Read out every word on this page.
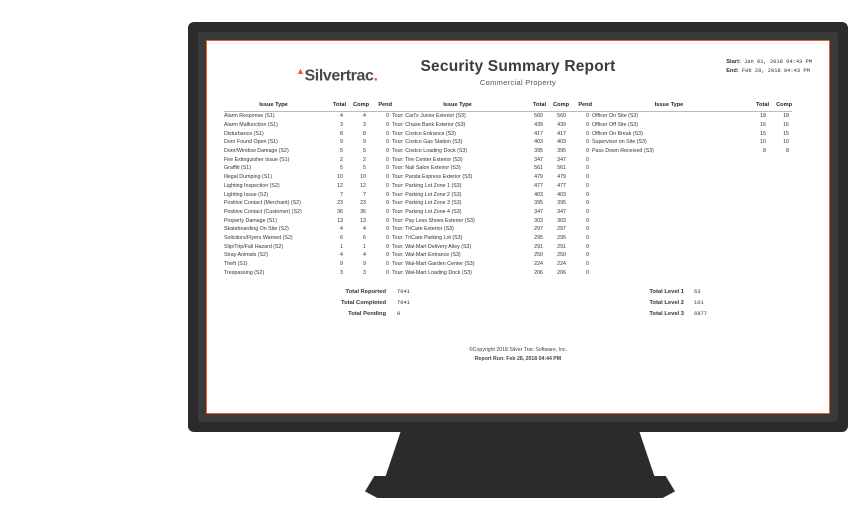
▲Silvertrac.
Security Summary Report
Commercial Property
Start: Jan 01, 2018 04:43 PM
End: Feb 28, 2018 04:43 PM
Issue Type	Total	Comp	Pend
Alarm Response (S1)	4	4	0
Alarm Malfunction (S1)	3	3	0
Disturbance (S1)	8	8	0
Door Found Open (S1)	9	9	0
Door/Window Damage (S2)	5	5	0
Fire Extinguisher Issue (S1)	2	2	0
Graffiti (S1)	5	5	0
Illegal Dumping (S1)	10	10	0
Lighting Inspection (S2)	12	12	0
Lighting Issue (S2)	7	7	0
Positive Contact (Merchant) (S2)	23	23	0
Positive Contact (Customer) (S2)	36	36	0
Property Damage (S1)	13	13	0
Skateboarding On Site (S2)	4	4	0
Solicitors/Flyers Warned (S2)	6	6	0
Slip/Trip/Fall Hazard (S2)	1	1	0
Stray Animals (S2)	4	4	0
Theft (S1)	9	9	0
Trespassing (S2)	3	3	0
Issue Type	Total	Comp	Pend
Tour: Carl's Junior Exterior (S3)	560	560	0
Tour: Chase Bank Exterior (S3)	439	439	0
Tour: Costco Entrance (S3)	417	417	0
Tour: Costco Gas Station (S3)	403	403	0
Tour: Costco Loading Dock (S3)	395	395	0
Tour: Tire Center Exterior (S3)	347	347	0
Tour: Nail Salon Exterior (S3)	561	561	0
Tour: Panda Express Exterior (S3)	479	479	0
Tour: Parking Lot Zone 1 (S3)	477	477	0
Tour: Parking Lot Zone 2 (S3)	403	403	0
Tour: Parking Lot Zone 3 (S3)	395	395	0
Tour: Parking Lot Zone 4 (S3)	347	347	0
Tour: Pay Less Shoes Exterior (S3)	303	303	0
Tour: TriCare Exterior (S3)	297	297	0
Tour: TriCare Parking Lot (S3)	295	295	0
Tour: Wal-Mart Delivery Alley (S3)	291	291	0
Tour: Wal-Mart Entrance (S3)	250	250	0
Tour: Wal-Mart Garden Center (S3)	224	224	0
Tour: Wal-Mart Loading Dock (S3)	206	206	0
Issue Type	Total	Comp
Officer On Site (S3)	18	18
Officer Off Site (S3)	16	16
Officer On Break (S3)	15	15
Supervisor on Site (S3)	10	10
Pass Down Received (S3)	8	8
Total Reported 7041
Total Completed 7041
Total Pending 0
Total Level 1 63
Total Level 2 101
Total Level 3 6877
©Copyright 2018 Silver Trac Software, Inc.
Report Run: Feb 28, 2018 04:44 PM
